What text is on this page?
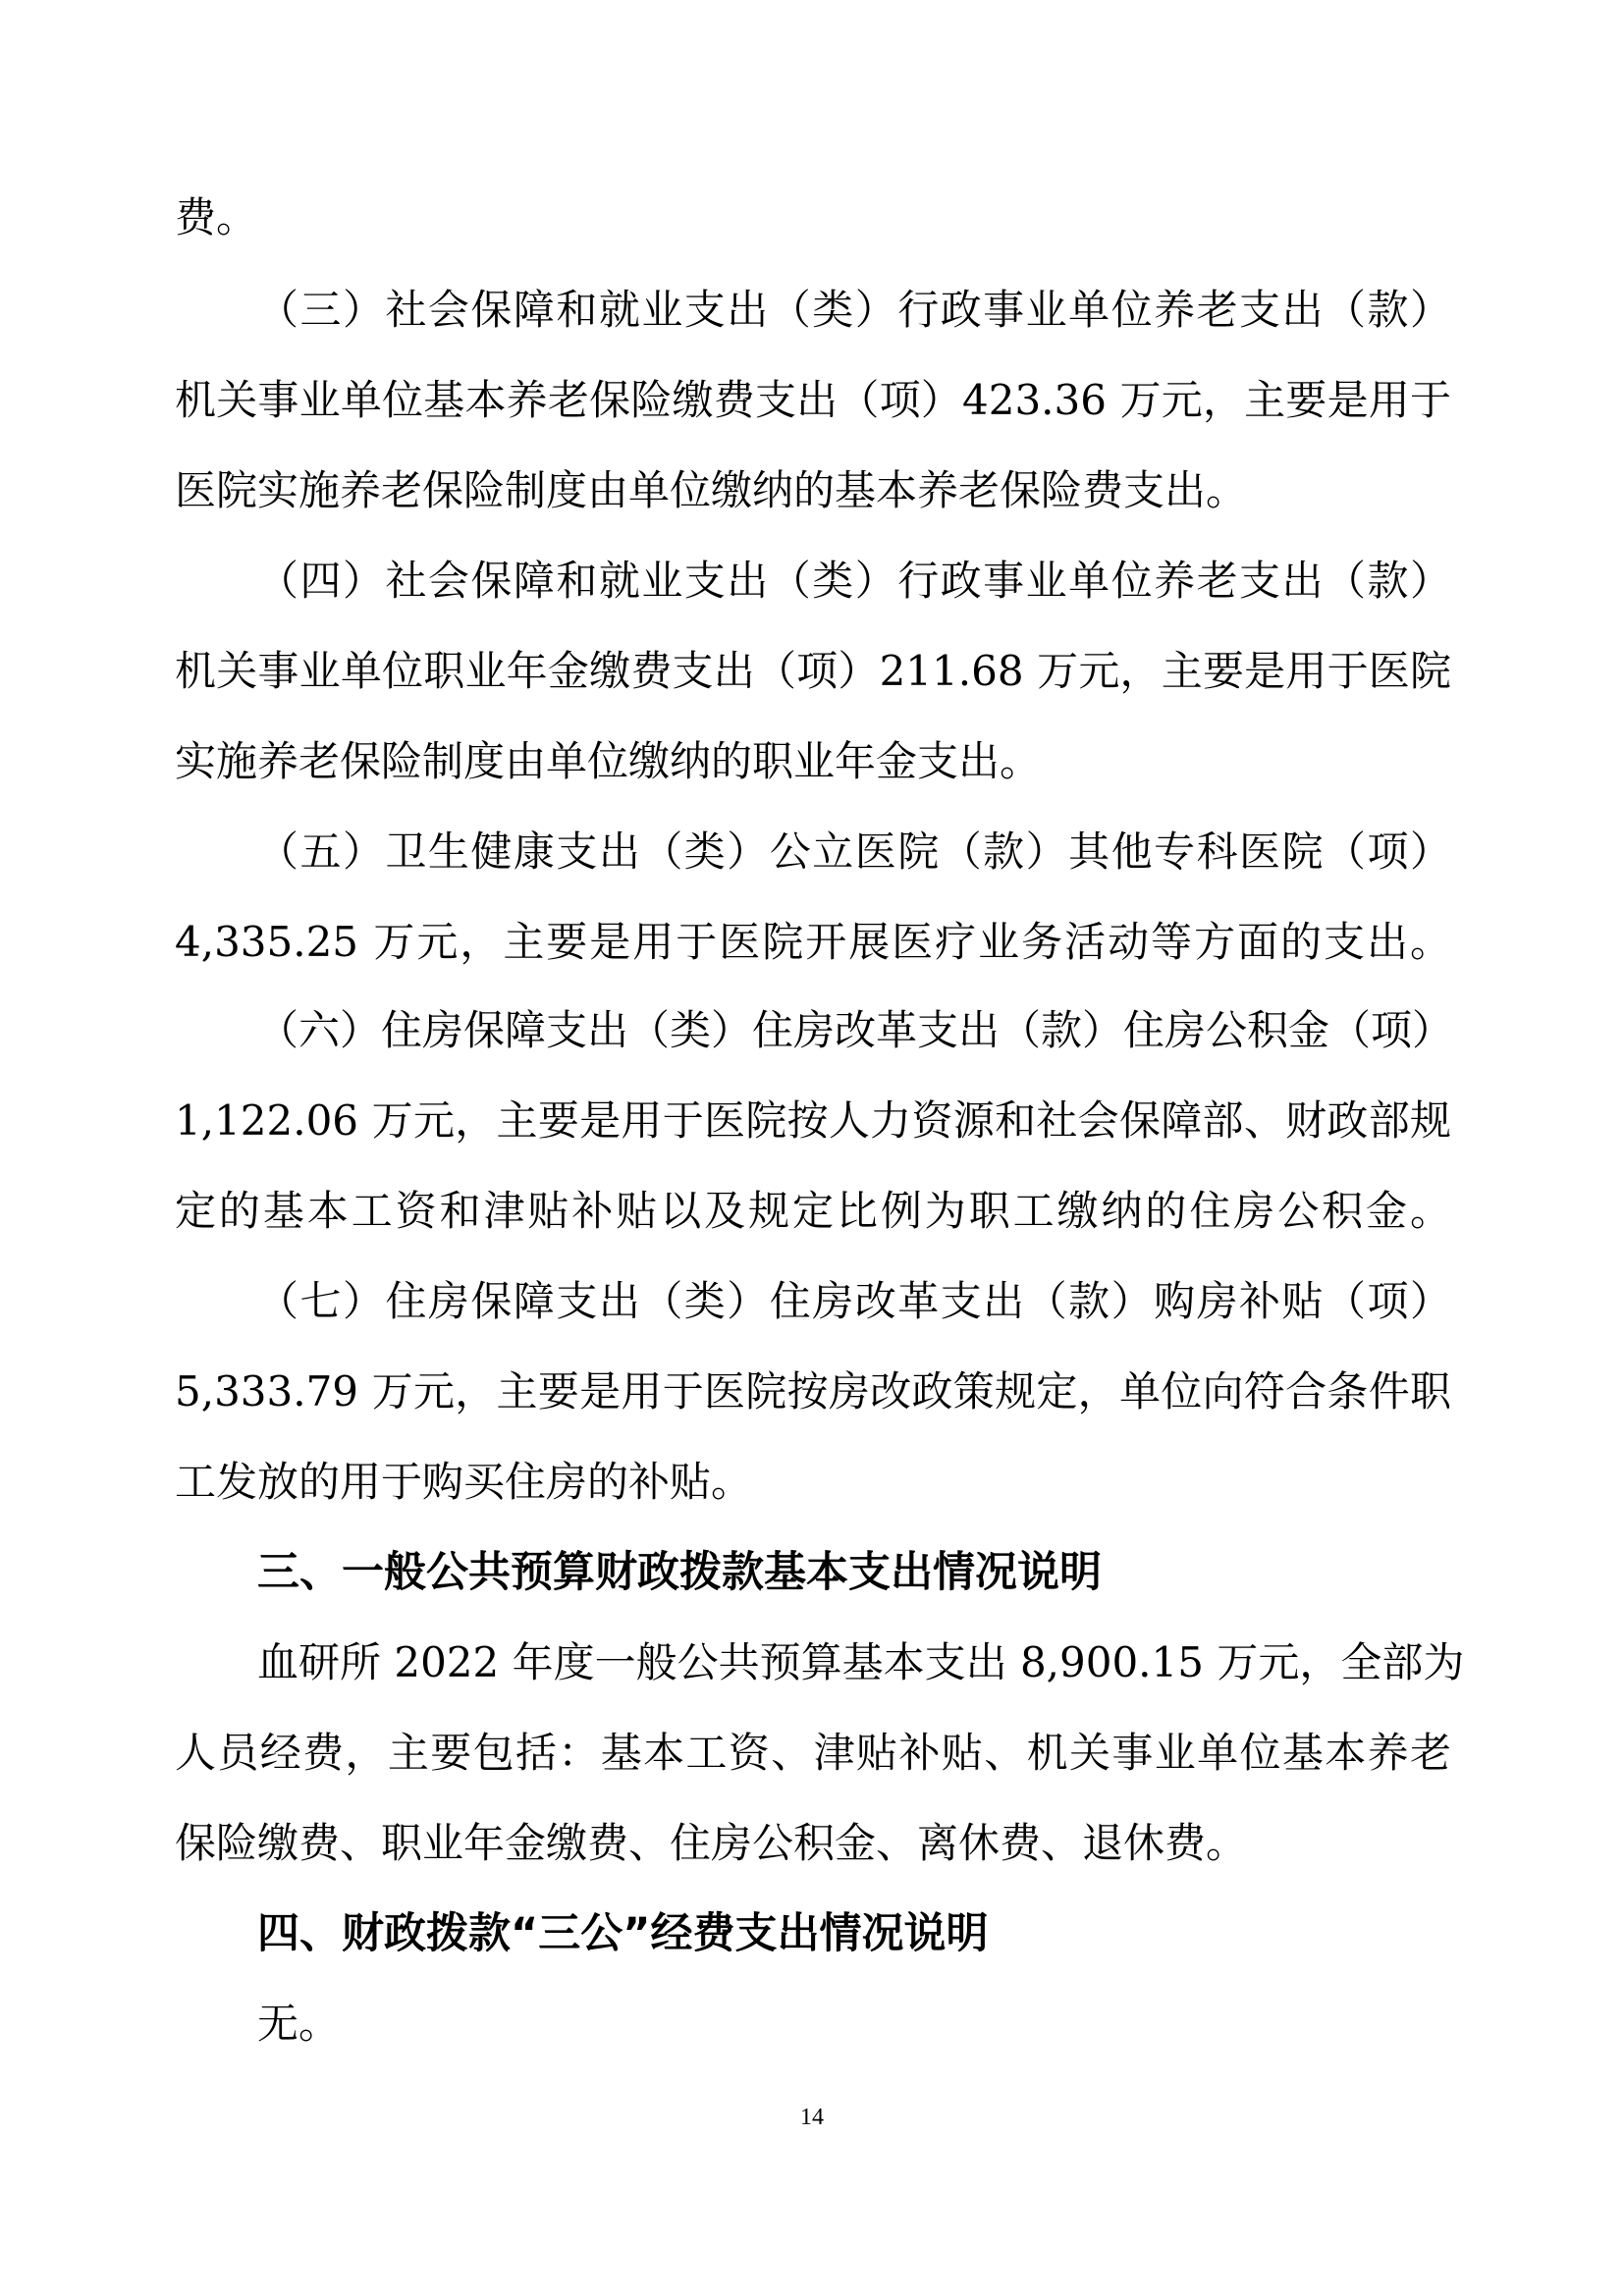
费。
（三）社会保障和就业支出（类）行政事业单位养老支出（款）
机关事业单位基本养老保险缴费支出（项）423.36 万元，主要是用于
医院实施养老保险制度由单位缴纳的基本养老保险费支出。
（四）社会保障和就业支出（类）行政事业单位养老支出（款）
机关事业单位职业年金缴费支出（项）211.68 万元，主要是用于医院
实施养老保险制度由单位缴纳的职业年金支出。
（五）卫生健康支出（类）公立医院（款）其他专科医院（项）
4,335.25 万元，主要是用于医院开展医疗业务活动等方面的支出。
（六）住房保障支出（类）住房改革支出（款）住房公积金（项）
1,122.06 万元，主要是用于医院按人力资源和社会保障部、财政部规
定的基本工资和津贴补贴以及规定比例为职工缴纳的住房公积金。
（七）住房保障支出（类）住房改革支出（款）购房补贴（项）
5,333.79 万元，主要是用于医院按房改政策规定，单位向符合条件职
工发放的用于购买住房的补贴。
三、一般公共预算财政拨款基本支出情况说明
血研所 2022 年度一般公共预算基本支出 8,900.15 万元，全部为
人员经费，主要包括：基本工资、津贴补贴、机关事业单位基本养老
保险缴费、职业年金缴费、住房公积金、离休费、退休费。
四、财政拨款“三公”经费支出情况说明
无。
14
